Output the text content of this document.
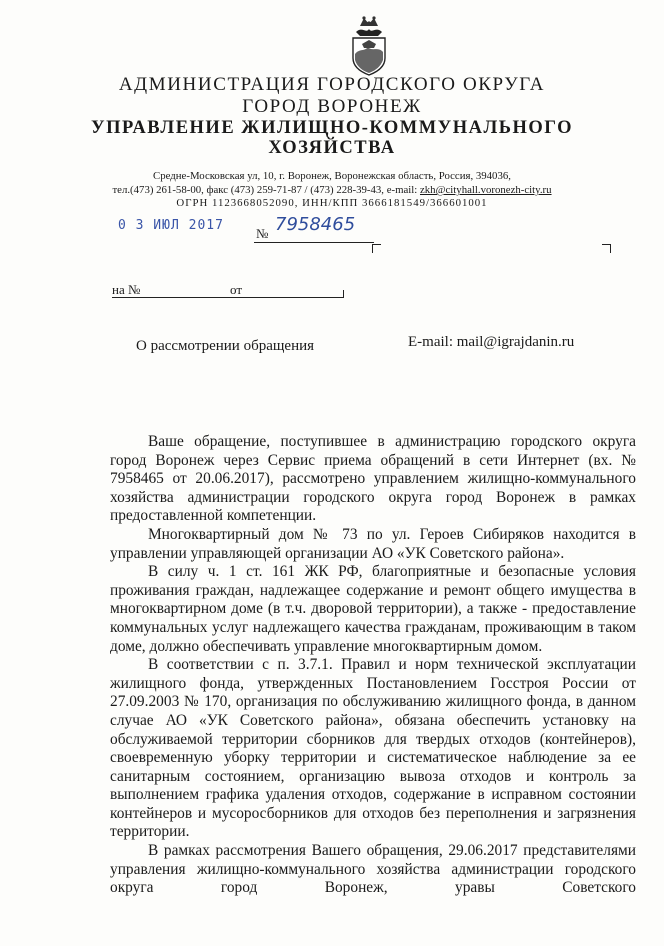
АДМИНИСТРАЦИЯ ГОРОДСКОГО ОКРУГА
ГОРОД ВОРОНЕЖ
УПРАВЛЕНИЕ ЖИЛИЩНО-КОММУНАЛЬНОГО
ХОЗЯЙСТВА
Средне-Московская ул, 10, г. Воронеж, Воронежская область, Россия, 394036,
тел.(473) 261-58-00, факс (473) 259-71-87 / (473) 228-39-43, e-mail: zkh@cityhall.voronezh-city.ru
ОГРН 1123668052090, ИНН/КПП 3666181549/366601001
0 3 ИЮЛ 2017
№ 7958465
на №	от
О рассмотрении обращения	E-mail: mail@igrajdanin.ru

Ваше обращение, поступившее в администрацию городского округа город Воронеж через Сервис приема обращений в сети Интернет (вх. № 7958465 от 20.06.2017), рассмотрено управлением жилищно-коммунального хозяйства администрации городского округа город Воронеж в рамках предоставленной компетенции.

Многоквартирный дом № 73 по ул. Героев Сибиряков находится в управлении управляющей организации АО «УК Советского района».

В силу ч. 1 ст. 161 ЖК РФ, благоприятные и безопасные условия проживания граждан, надлежащее содержание и ремонт общего имущества в многоквартирном доме (в т.ч. дворовой территории), а также - предоставление коммунальных услуг надлежащего качества гражданам, проживающим в таком доме, должно обеспечивать управление многоквартирным домом.

В соответствии с п. 3.7.1. Правил и норм технической эксплуатации жилищного фонда, утвержденных Постановлением Госстроя России от 27.09.2003 № 170, организация по обслуживанию жилищного фонда, в данном случае АО «УК Советского района», обязана обеспечить установку на обслуживаемой территории сборников для твердых отходов (контейнеров), своевременную уборку территории и систематическое наблюдение за ее санитарным состоянием, организацию вывоза отходов и контроль за выполнением графика удаления отходов, содержание в исправном состоянии контейнеров и мусоросборников для отходов без переполнения и загрязнения территории.

В рамках рассмотрения Вашего обращения, 29.06.2017 представителями управления жилищно-коммунального хозяйства администрации городского округа город Воронеж, уравы Советского
